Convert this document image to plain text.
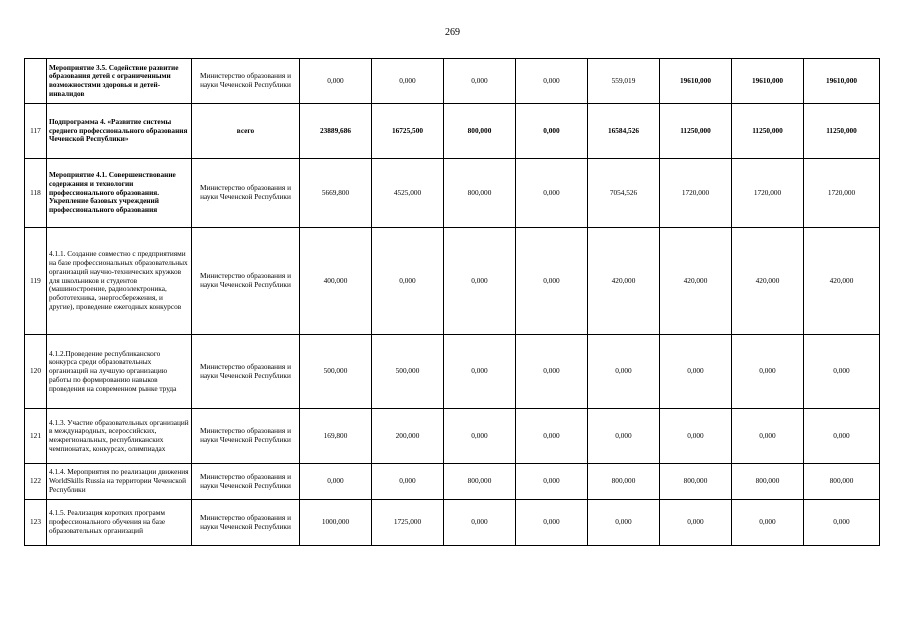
269
	Мероприятие 3.5. Содействие развитие образования детей с ограниченными возможностями здоровья и детей-инвалидов	Министерство образования и науки Чеченской Республики	0,000	0,000	0,000	0,000	559,019	19610,000	19610,000	19610,000
117	Подпрограмма 4. «Развитие системы среднего профессионального образования Чеченской Республики»	всего	23889,686	16725,500	800,000	0,000	16584,526	11250,000	11250,000	11250,000
118	Мероприятие 4.1. Совершенствование содержания и технологии профессионального образования. Укрепление базовых учреждений профессионального образования	Министерство образования и науки Чеченской Республики	5669,800	4525,000	800,000	0,000	7054,526	1720,000	1720,000	1720,000
119	4.1.1. Создание совместно с предприятиями на базе профессиональных образовательных организаций научно-технических кружков для школьников и студентов (машиностроение, радиоэлектроника, робототехника, энергосбережения, и другие), проведение ежегодных конкурсов	Министерство образования и науки Чеченской Республики	400,000	0,000	0,000	0,000	420,000	420,000	420,000	420,000
120	4.1.2.Проведение республиканского конкурса среди образовательных организаций на лучшую организацию работы по формированию навыков проведения на современном рынке труда	Министерство образования и науки Чеченской Республики	500,000	500,000	0,000	0,000	0,000	0,000	0,000	0,000
121	4.1.3. Участие образовательных организаций в международных, всероссийских, межрегиональных, республиканских чемпионатах, конкурсах, олимпиадах	Министерство образования и науки Чеченской Республики	169,800	200,000	0,000	0,000	0,000	0,000	0,000	0,000
122	4.1.4. Мероприятия по реализации движения WorldSkills Russia на территории Чеченской Республики	Министерство образования и науки Чеченской Республики	0,000	0,000	800,000	0,000	800,000	800,000	800,000	800,000
123	4.1.5. Реализация коротких программ профессионального обучения на базе образовательных организаций	Министерство образования и науки Чеченской Республики	1000,000	1725,000	0,000	0,000	0,000	0,000	0,000	0,000
